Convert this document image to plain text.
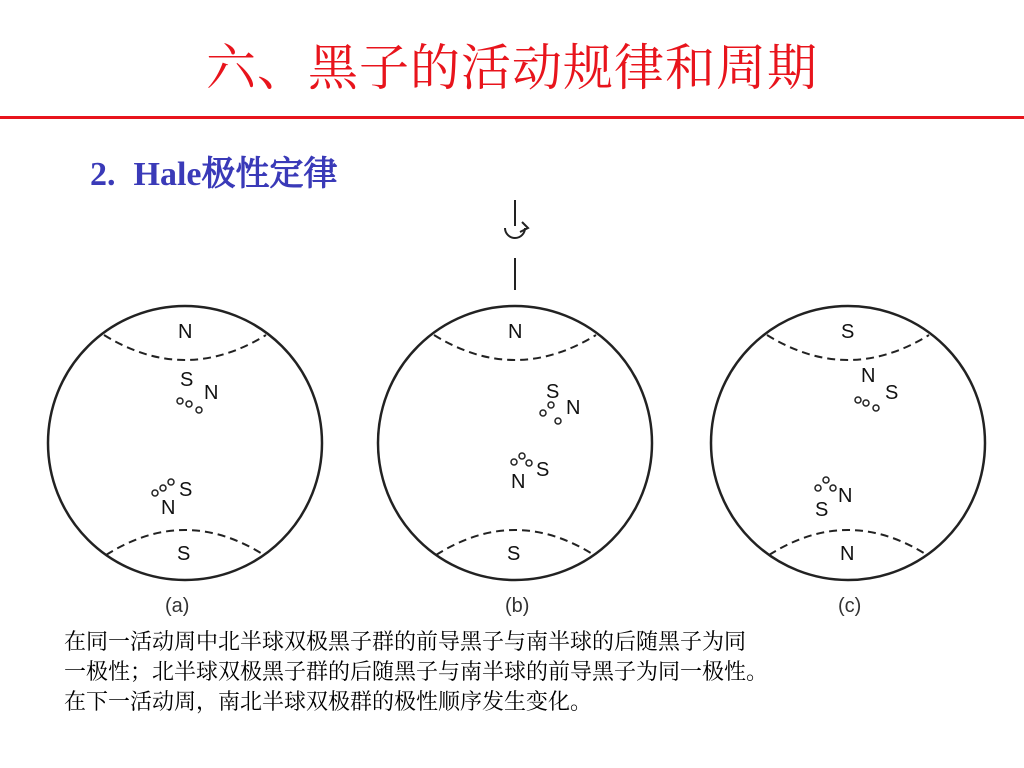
六、黑子的活动规律和周期
2. Hale极性定律
N
S
S
N
S
N
(a)
N
S
S
N
S
N
(b)
S
N
N
S
N
S
(c)
在同一活动周中北半球双极黑子群的前导黑子与南半球的后随黑子为同
一极性；北半球双极黑子群的后随黑子与南半球的前导黑子为同一极性。
在下一活动周，南北半球双极群的极性顺序发生变化。
